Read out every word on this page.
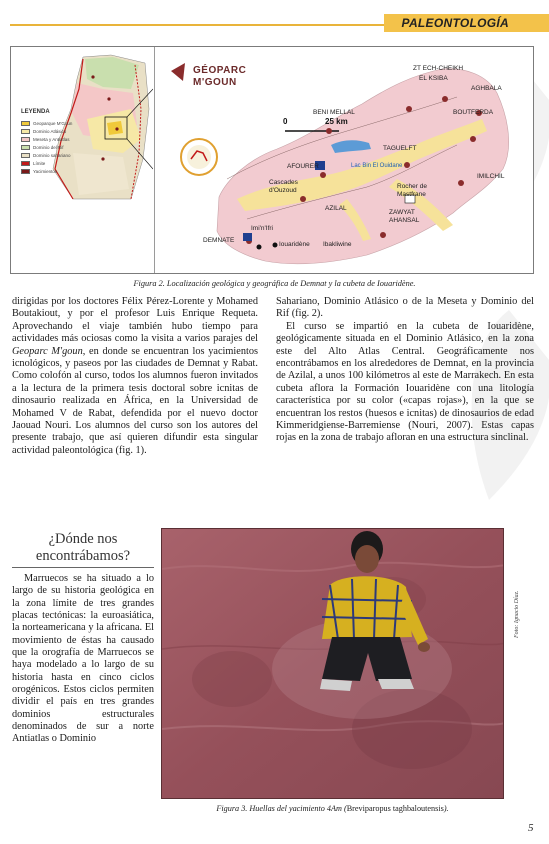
PALEONTOLOGÍA
LEYENDA
Geoparque M'Goun
Dominio Atlásico
Meseta y Antiatlas
Dominio del Rif
Dominio sahariano
Límite
Yacimientos
GÉOPARC
M'GOUN
0	25 km
ZT ECH-CHEIKH
EL KSIBA
AGHBALA
BENI MELLAL	BOUTFERDA
TAGUELFT
AFOURER	Lac Bin El Ouidane
IMILCHIL
Cascades
d'Ouzoud
Rocher de
Mastfrane
AZILAL
ZAWYAT
AHANSAL
Imi'n'Ifri
DEMNATE
Iouaridène Ibakliwine
Figura 2. Localización geológica y geográfica de Demnat y la cubeta de Iouaridène.

dirigidas por los doctores Félix Pérez-Lorente y Mohamed Boutakiout, y por el profesor Luis Enrique Requeta. Aprovechando el viaje también hubo tiempo para actividades más ociosas como la visita a varios parajes del Geoparc M'goun, en donde se encuentran los yacimientos icnológicos, y paseos por las ciudades de Demnat y Rabat. Como colofón al curso, todos los alumnos fueron invitados a la lectura de la primera tesis doctoral sobre icnitas de dinosaurio realizada en África, en la Universidad de Mohamed V de Rabat, defendida por el nuevo doctor Jaouad Nouri. Los alumnos del curso son los autores del presente trabajo, que así quieren difundir esta singular actividad paleontológica (fig. 1).

Sahariano, Dominio Atlásico o de la Meseta y Dominio del Rif (fig. 2).

El curso se impartió en la cubeta de Iouaridène, geológicamente situada en el Dominio Atlásico, en la zona este del Alto Atlas Central. Geográficamente nos encontrábamos en los alrededores de Demnat, en la provincia de Azilal, a unos 100 kilómetros al este de Marrakech. En esta cubeta aflora la Formación Iouaridène con una litología característica por su color («capas rojas»), en la que se encuentran los restos (huesos e icnitas) de dinosaurios de edad Kimmeridgiense-Barremiense (Nouri, 2007). Estas capas rojas en la zona de trabajo afloran en una estructura sinclinal.

¿Dónde nos encontrábamos?

Marruecos se ha situado a lo largo de su historia geológica en la zona límite de tres grandes placas tectónicas: la euroasiática, la norteamericana y la africana. El movimiento de éstas ha causado que la orografía de Marruecos se haya modelado a lo largo de su historia hasta en cinco ciclos orogénicos. Estos ciclos permiten dividir el país en tres grandes dominios estructurales denominados de sur a norte Antiatlas o Dominio

Figura 3. Huellas del yacimiento 4Am (Breviparopus taghbaloutensis).
Foto: Ignacio Díaz.
5
